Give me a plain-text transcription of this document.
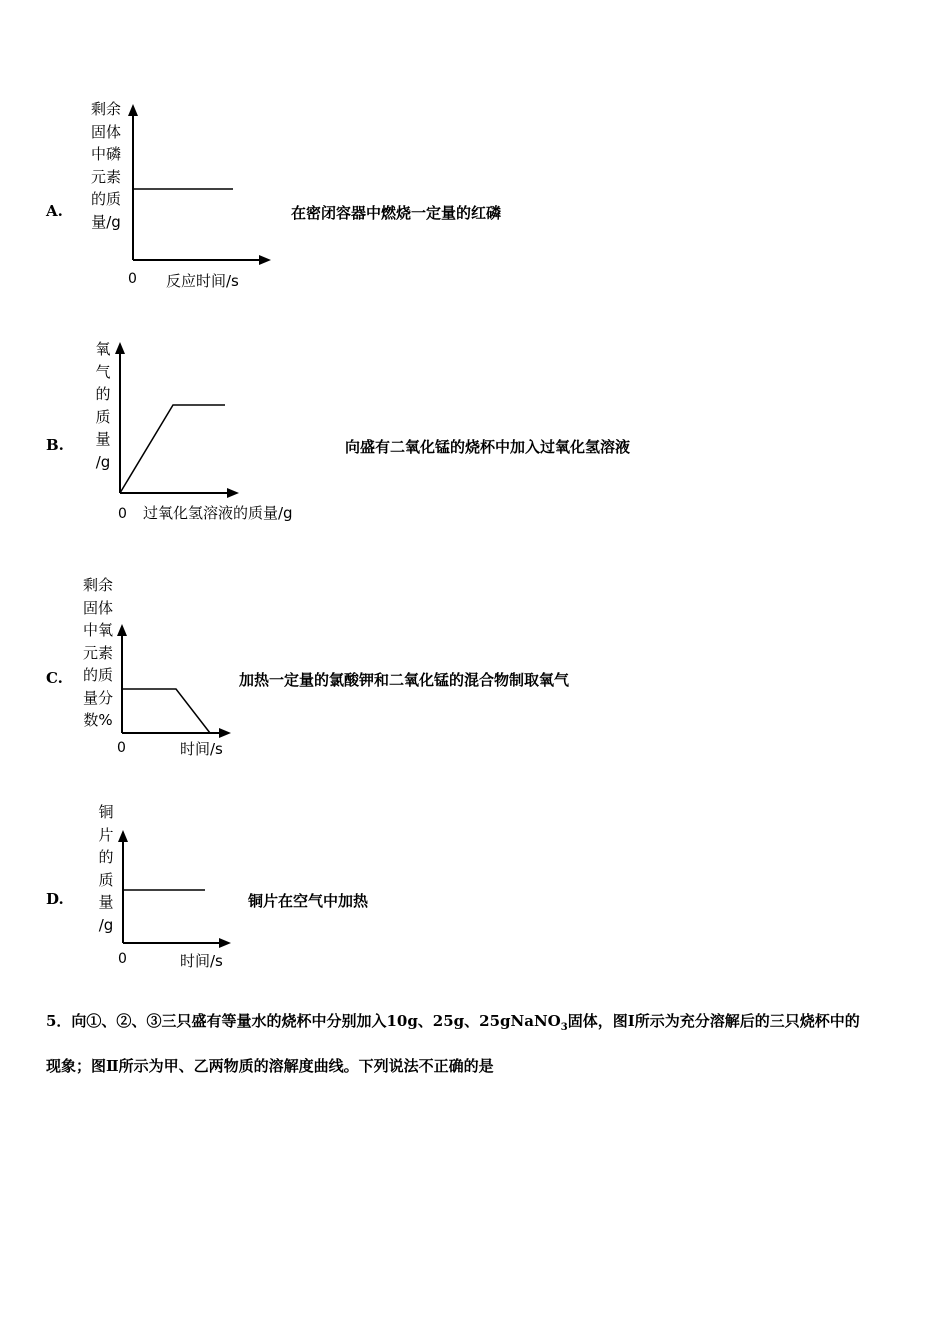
A.
剩余
固体
中磷
元素
的质
量/g
0 反应时间/s
在密闭容器中燃烧一定量的红磷
B.
氧
气
的
质
量
/g
0 过氧化氢溶液的质量/g
向盛有二氧化锰的烧杯中加入过氧化氢溶液
C.
剩余
固体
中氧
元素
的质
量分
数%
0	时间/s
加热一定量的氯酸钾和二氧化锰的混合物制取氧气
D.
铜
片
的
质
量
/g
0	时间/s
铜片在空气中加热

5．向①、②、③三只盛有等量水的烧杯中分别加入10g、25g、25gNaNO$_3$固体，图Ⅰ所示为充分溶解后的三只烧杯中的

现象；图Ⅱ所示为甲、乙两物质的溶解度曲线。下列说法不正确的是
